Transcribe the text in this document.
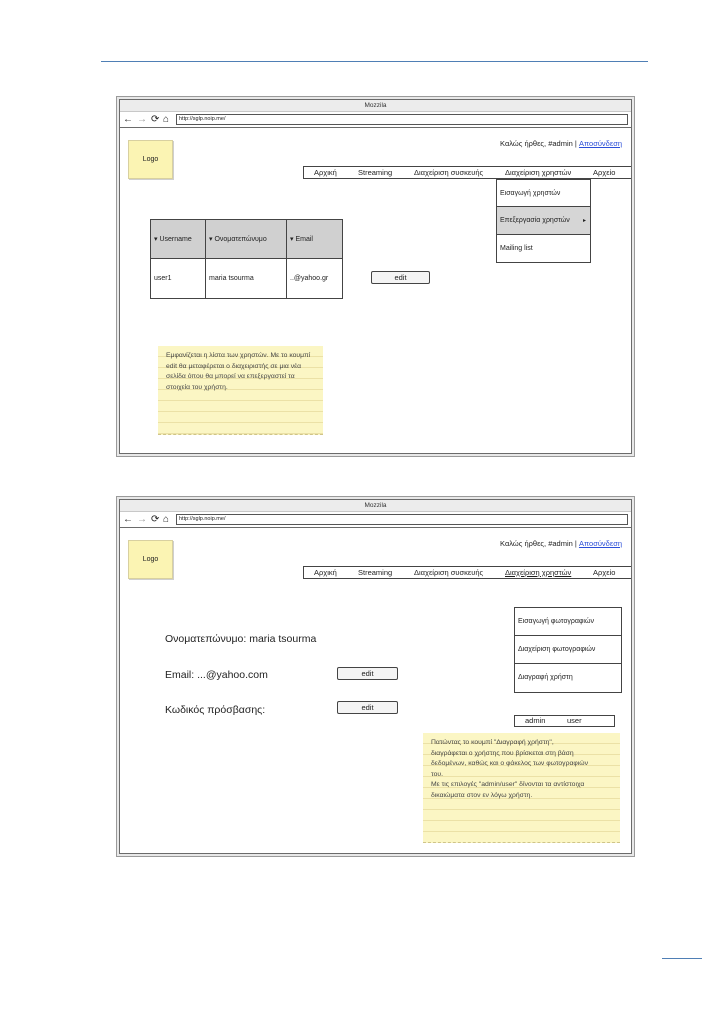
Mozzila
← → ⟳ ⌂	http://sglp.noip.me/
Logo
Καλώς ήρθες, #admin | Αποσύνδεση
Αρχική	Streaming	Διαχείριση συσκευής	Διαχείριση χρηστών	Αρχείο
Εισαγωγή χρηστών
Επεξεργασία χρηστών ▸
Mailing list
▾ Username	▾ Ονοματεπώνυμο	▾ Email
user1	maria tsourma	..@yahoo.gr	edit

Εμφανίζεται η λίστα των χρηστών. Με το κουμπί edit θα μεταφέρεται ο διαχειριστής σε μια νέα σελίδα όπου θα μπορεί να επεξεργαστεί τα στοιχεία του χρήστη.

Mozzila
← → ⟳ ⌂	http://sglp.noip.me/
Logo
Καλώς ήρθες, #admin | Αποσύνδεση
Αρχική	Streaming	Διαχείριση συσκευής	Διαχείριση χρηστών	Αρχείο
Ονοματεπώνυμο: maria tsourma
Email: ...@yahoo.com
Κωδικός πρόσβασης:
edit
edit
Εισαγωγή φωτογραφιών
Διαχείριση φωτογραφιών
Διαγραφή χρήστη
admin	user

Πατώντας το κουμπί "Διαγραφή χρήστη",

διαγράφεται ο χρήστης που βρίσκεται στη βάση

δεδομένων, καθώς και ο φάκελος των φωτογραφιών

του.

Με τις επιλογές "admin/user" δίνονται τα αντίστοιχα

δικαιώματα στον εν λόγω χρήστη.
